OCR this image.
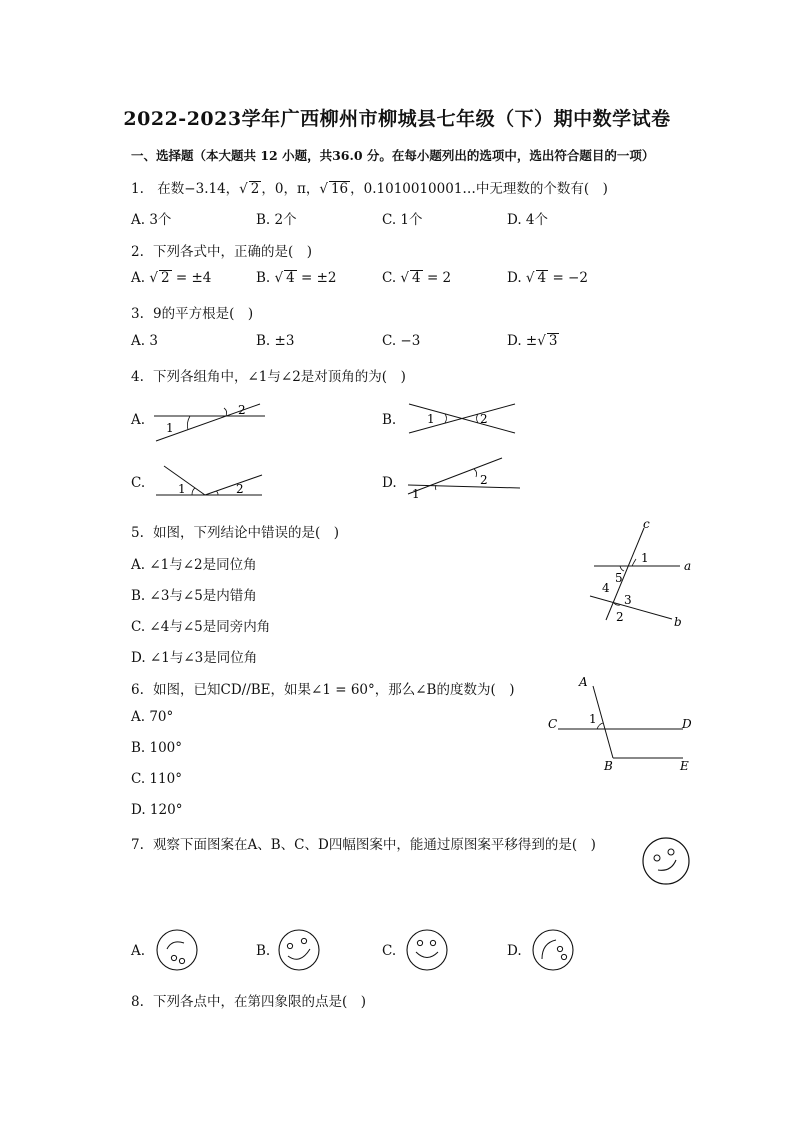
2022-2023学年广西柳州市柳城县七年级（下）期中数学试卷
一、选择题（本大题共 12 小题，共36.0 分。在每小题列出的选项中，选出符合题目的一项）
1. 在数−3.14，√ 2 ，0，π，√ 16 ，0.1010010001…中无理数的个数有(　)
A. 3个	B. 2个	C. 1个	D. 4个
2. 下列各式中，正确的是(　)
A. √ 2 = ±4	B. √ 4 = ±2	C. √ 4 = 2	D. √ 4 = −2
3. 9的平方根是(　)
A. 3	B. ±3	C. −3	D. ±√ 3
4. 下列各组角中，∠1与∠2是对顶角的为(　)
A. 1
2
B.	1	2
C.	1	2	D.
1
2
5. 如图，下列结论中错误的是(　)
A. ∠1与∠2是同位角
B. ∠3与∠5是内错角
C. ∠4与∠5是同旁内角
D. ∠1与∠3是同位角
c
a
b
1
5
4
3
2
6. 如图，已知CD//BE，如果∠1 = 60°，那么∠B的度数为(　)
A. 70°
B. 100°
C. 110°
D. 120°
A
C	D
B	E
1
7. 观察下面图案在A、B、C、D四幅图案中，能通过原图案平移得到的是(　)
A.	B.	C.	D.
8. 下列各点中，在第四象限的点是(　)
